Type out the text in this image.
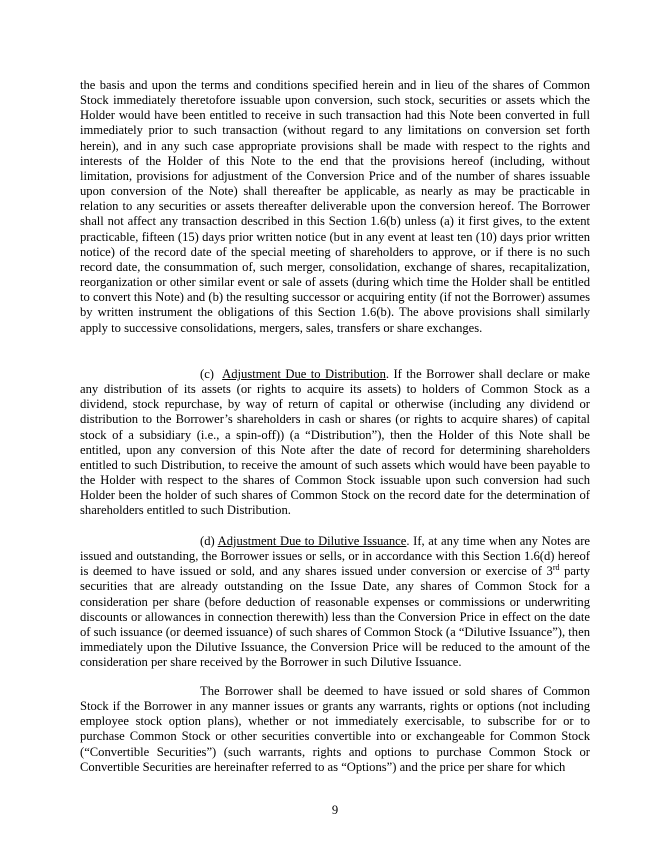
the basis and upon the terms and conditions specified herein and in lieu of the shares of Common Stock immediately theretofore issuable upon conversion, such stock, securities or assets which the Holder would have been entitled to receive in such transaction had this Note been converted in full immediately prior to such transaction (without regard to any limitations on conversion set forth herein), and in any such case appropriate provisions shall be made with respect to the rights and interests of the Holder of this Note to the end that the provisions hereof (including, without limitation, provisions for adjustment of the Conversion Price and of the number of shares issuable upon conversion of the Note) shall thereafter be applicable, as nearly as may be practicable in relation to any securities or assets thereafter deliverable upon the conversion hereof. The Borrower shall not affect any transaction described in this Section 1.6(b) unless (a) it first gives, to the extent practicable, fifteen (15) days prior written notice (but in any event at least ten (10) days prior written notice) of the record date of the special meeting of shareholders to approve, or if there is no such record date, the consummation of, such merger, consolidation, exchange of shares, recapitalization, reorganization or other similar event or sale of assets (during which time the Holder shall be entitled to convert this Note) and (b) the resulting successor or acquiring entity (if not the Borrower) assumes by written instrument the obligations of this Section 1.6(b). The above provisions shall similarly apply to successive consolidations, mergers, sales, transfers or share exchanges.

(c) Adjustment Due to Distribution. If the Borrower shall declare or make any distribution of its assets (or rights to acquire its assets) to holders of Common Stock as a dividend, stock repurchase, by way of return of capital or otherwise (including any dividend or distribution to the Borrower’s shareholders in cash or shares (or rights to acquire shares) of capital stock of a subsidiary (i.e., a spin-off)) (a “Distribution”), then the Holder of this Note shall be entitled, upon any conversion of this Note after the date of record for determining shareholders entitled to such Distribution, to receive the amount of such assets which would have been payable to the Holder with respect to the shares of Common Stock issuable upon such conversion had such Holder been the holder of such shares of Common Stock on the record date for the determination of shareholders entitled to such Distribution.

(d) Adjustment Due to Dilutive Issuance. If, at any time when any Notes are issued and outstanding, the Borrower issues or sells, or in accordance with this Section 1.6(d) hereof is deemed to have issued or sold, and any shares issued under conversion or exercise of 3rd party securities that are already outstanding on the Issue Date, any shares of Common Stock for a consideration per share (before deduction of reasonable expenses or commissions or underwriting discounts or allowances in connection therewith) less than the Conversion Price in effect on the date of such issuance (or deemed issuance) of such shares of Common Stock (a “Dilutive Issuance”), then immediately upon the Dilutive Issuance, the Conversion Price will be reduced to the amount of the consideration per share received by the Borrower in such Dilutive Issuance.

The Borrower shall be deemed to have issued or sold shares of Common Stock if the Borrower in any manner issues or grants any warrants, rights or options (not including employee stock option plans), whether or not immediately exercisable, to subscribe for or to purchase Common Stock or other securities convertible into or exchangeable for Common Stock (“Convertible Securities”) (such warrants, rights and options to purchase Common Stock or Convertible Securities are hereinafter referred to as “Options”) and the price per share for which

9
